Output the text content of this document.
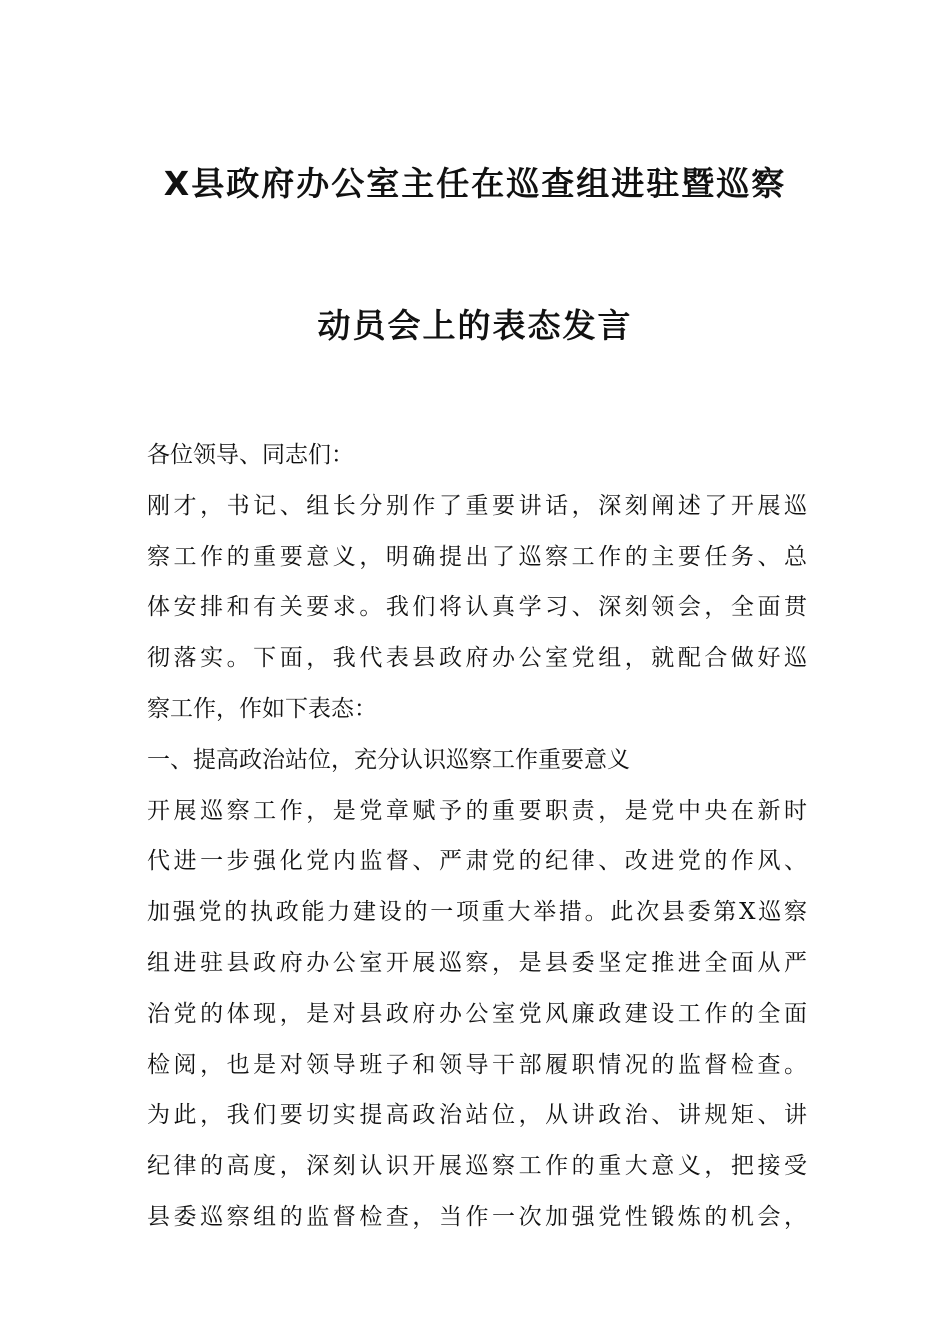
X县政府办公室主任在巡查组进驻暨巡察
动员会上的表态发言
各位领导、同志们：
刚才，书记、组长分别作了重要讲话，深刻阐述了开展巡
察工作的重要意义，明确提出了巡察工作的主要任务、总
体安排和有关要求。我们将认真学习、深刻领会，全面贯
彻落实。下面，我代表县政府办公室党组，就配合做好巡
察工作，作如下表态：
一、提高政治站位，充分认识巡察工作重要意义
开展巡察工作，是党章赋予的重要职责，是党中央在新时
代进一步强化党内监督、严肃党的纪律、改进党的作风、
加强党的执政能力建设的一项重大举措。此次县委第X巡察
组进驻县政府办公室开展巡察，是县委坚定推进全面从严
治党的体现，是对县政府办公室党风廉政建设工作的全面
检阅，也是对领导班子和领导干部履职情况的监督检查。
为此，我们要切实提高政治站位，从讲政治、讲规矩、讲
纪律的高度，深刻认识开展巡察工作的重大意义，把接受
县委巡察组的监督检查，当作一次加强党性锻炼的机会，
